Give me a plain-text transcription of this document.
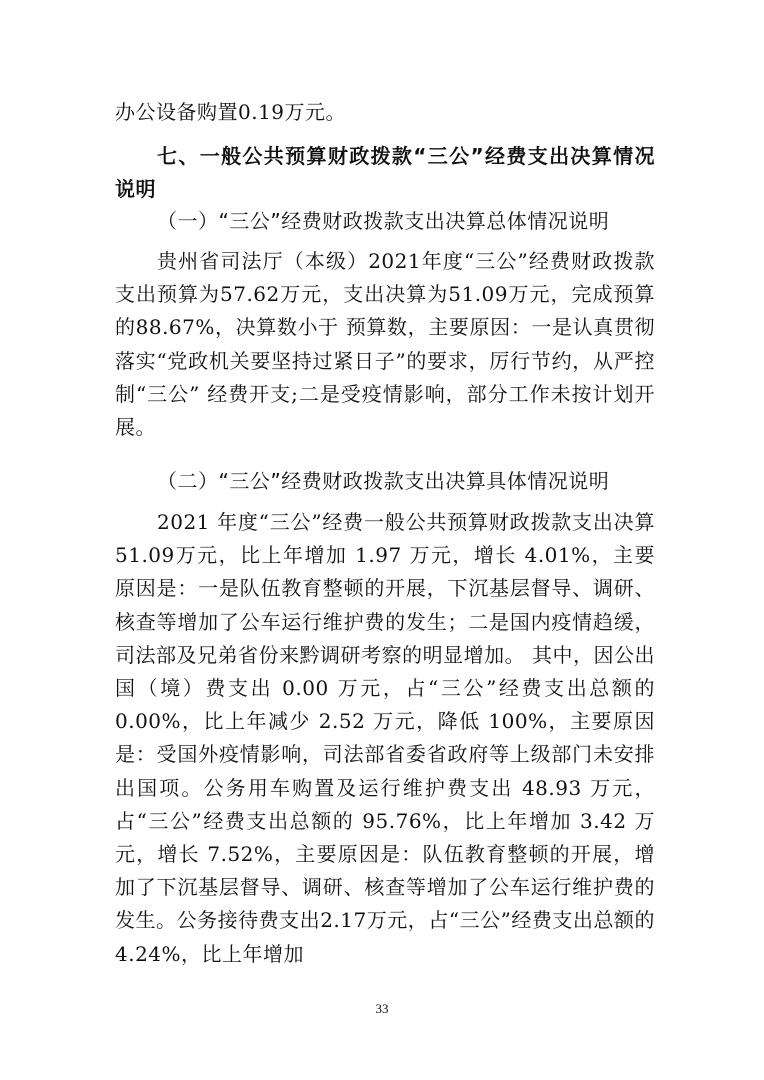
办公设备购置0.19万元。
七、一般公共预算财政拨款“三公”经费支出决算情况说明
（一）“三公”经费财政拨款支出决算总体情况说明
贵州省司法厅（本级）2021年度“三公”经费财政拨款支出预算为57.62万元，支出决算为51.09万元，完成预算的88.67%，决算数小于 预算数，主要原因：一是认真贯彻落实“党政机关要坚持过紧日子”的要求，厉行节约，从严控制“三公” 经费开支;二是受疫情影响，部分工作未按计划开展。
（二）“三公”经费财政拨款支出决算具体情况说明
2021 年度“三公”经费一般公共预算财政拨款支出决算51.09万元，比上年增加 1.97 万元，增长 4.01%，主要原因是：一是队伍教育整顿的开展，下沉基层督导、调研、核查等增加了公车运行维护费的发生；二是国内疫情趋缓，司法部及兄弟省份来黔调研考察的明显增加。 其中，因公出国（境）费支出 0.00 万元，占“三公”经费支出总额的 0.00%，比上年减少 2.52 万元，降低 100%，主要原因是：受国外疫情影响，司法部省委省政府等上级部门未安排出国项。公务用车购置及运行维护费支出 48.93 万元，占“三公”经费支出总额的 95.76%，比上年增加 3.42 万元，增长 7.52%，主要原因是：队伍教育整顿的开展，增加了下沉基层督导、调研、核查等增加了公车运行维护费的发生。公务接待费支出2.17万元，占“三公”经费支出总额的 4.24%，比上年增加
33
